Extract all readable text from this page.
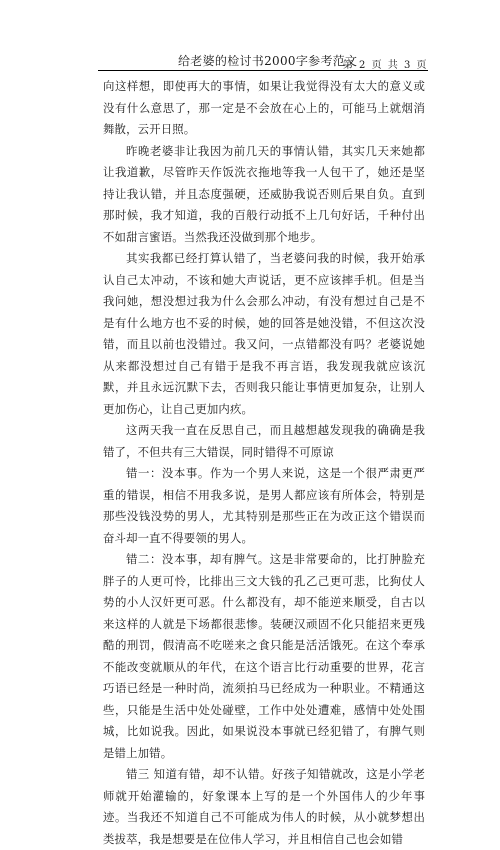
给老婆的检讨书2000字参考范文
第 2 页 共 3 页

向这样想，即使再大的事情，如果让我觉得没有太大的意义或没有什么意思了，那一定是不会放在心上的，可能马上就烟消舞散，云开日照。

昨晚老婆非让我因为前几天的事情认错，其实几天来她都让我道歉，尽管昨天作饭洗衣拖地等我一人包干了，她还是坚持让我认错，并且态度强硬，还威胁我说否则后果自负。直到那时候，我才知道，我的百般行动抵不上几句好话，千种付出不如甜言蜜语。当然我还没做到那个地步。

其实我都已经打算认错了，当老婆问我的时候，我开始承认自己太冲动，不该和她大声说话，更不应该摔手机。但是当我问她，想没想过我为什么会那么冲动，有没有想过自己是不是有什么地方也不妥的时候，她的回答是她没错，不但这次没错，而且以前也没错过。我又问，一点错都没有吗？老婆说她从来都没想过自己有错于是我不再言语，我发现我就应该沉默，并且永远沉默下去，否则我只能让事情更加复杂，让别人更加伤心，让自己更加内疚。

这两天我一直在反思自己，而且越想越发现我的确确是我错了，不但共有三大错误，同时错得不可原谅

错一：没本事。作为一个男人来说，这是一个很严肃更严重的错误，相信不用我多说，是男人都应该有所体会，特别是那些没钱没势的男人，尤其特别是那些正在为改正这个错误而奋斗却一直不得要领的男人。

错二：没本事，却有脾气。这是非常要命的，比打肿脸充胖子的人更可怜，比排出三文大钱的孔乙己更可悲，比狗仗人势的小人汉奸更可恶。什么都没有，却不能逆来顺受，自古以来这样的人就是下场都很悲惨。装硬汉顽固不化只能招来更残酷的刑罚，假清高不吃嗟来之食只能是活活饿死。在这个奉承不能改变就顺从的年代，在这个语言比行动重要的世界，花言巧语已经是一种时尚，流须拍马已经成为一种职业。不精通这些，只能是生活中处处碰壁，工作中处处遭难，感情中处处围城，比如说我。因此，如果说没本事就已经犯错了，有脾气则是错上加错。

错三 知道有错，却不认错。好孩子知错就改，这是小学老师就开始灌输的，好象课本上写的是一个外国伟人的少年事迹。当我还不知道自己不可能成为伟人的时候，从小就梦想出类拔萃，我是想要是在位伟人学习，并且相信自己也会如错
